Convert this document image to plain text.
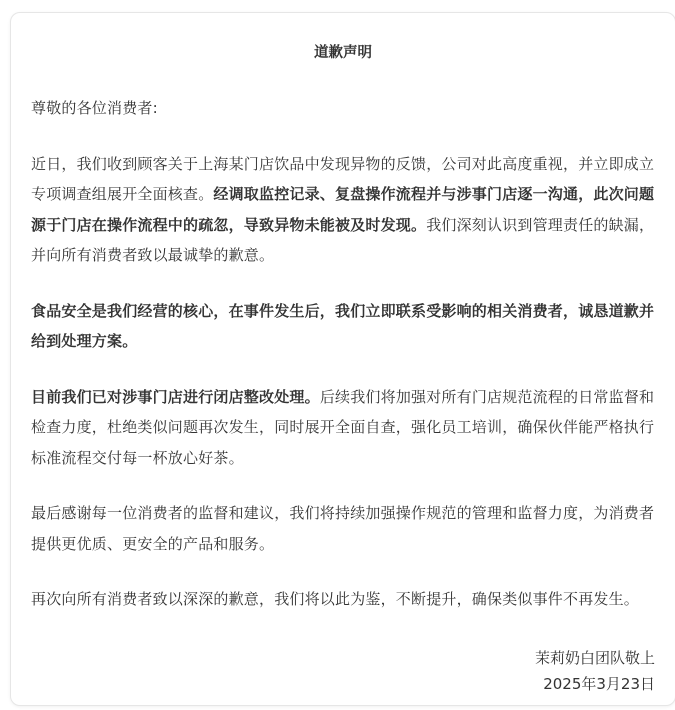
道歉声明

尊敬的各位消费者:

近日，我们收到顾客关于上海某门店饮品中发现异物的反馈，公司对此高度重视，并立即成立专项调查组展开全面核查。经调取监控记录、复盘操作流程并与涉事门店逐一沟通，此次问题源于门店在操作流程中的疏忽，导致异物未能被及时发现。我们深刻认识到管理责任的缺漏，并向所有消费者致以最诚挚的歉意。

食品安全是我们经营的核心，在事件发生后，我们立即联系受影响的相关消费者，诚恳道歉并给到处理方案。

目前我们已对涉事门店进行闭店整改处理。后续我们将加强对所有门店规范流程的日常监督和检查力度，杜绝类似问题再次发生，同时展开全面自查，强化员工培训，确保伙伴能严格执行标准流程交付每一杯放心好茶。

最后感谢每一位消费者的监督和建议，我们将持续加强操作规范的管理和监督力度，为消费者提供更优质、更安全的产品和服务。

再次向所有消费者致以深深的歉意，我们将以此为鉴，不断提升，确保类似事件不再发生。

茉莉奶白团队敬上
2025年3月23日
